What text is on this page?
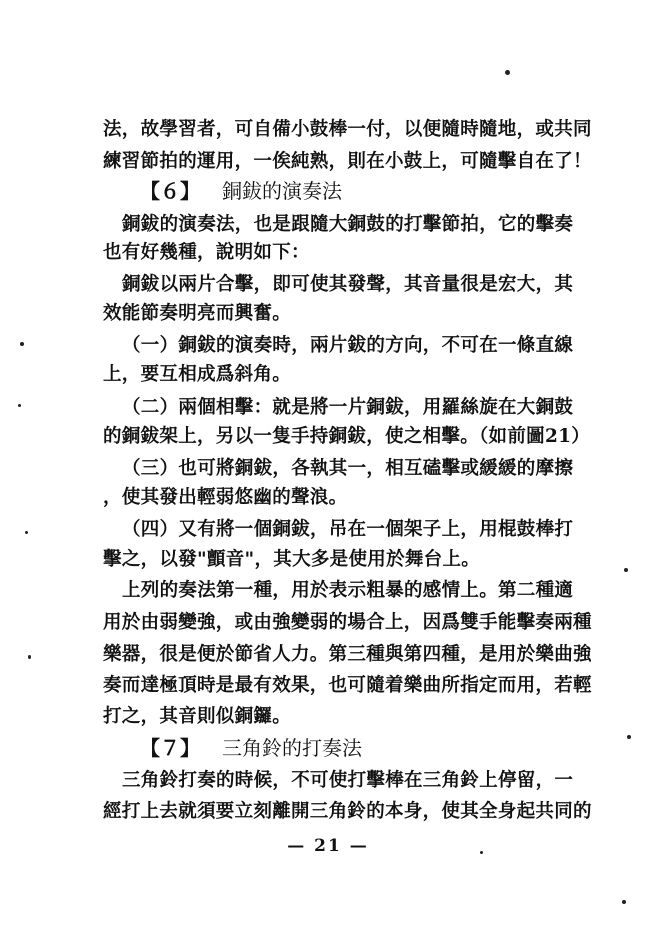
法，故學習者，可自備小鼓棒一付，以便隨時隨地，或共同
練習節拍的運用，一俟純熟，則在小鼓上，可隨擊自在了！
【６】 銅鈸的演奏法
銅鈸的演奏法，也是跟隨大銅鼓的打擊節拍，它的擊奏
也有好幾種，說明如下：
銅鈸以兩片合擊，即可使其發聲，其音量很是宏大，其
效能節奏明亮而興奮。
（一）銅鈸的演奏時，兩片鈸的方向，不可在一條直線
上，要互相成爲斜角。
（二）兩個相擊：就是將一片銅鈸，用羅絲旋在大銅鼓
的銅鈸架上，另以一隻手持銅鈸，使之相擊。（如前圖21）
（三）也可將銅鈸，各執其一，相互磕擊或緩緩的摩擦
，使其發出輕弱悠幽的聲浪。
（四）又有將一個銅鈸，吊在一個架子上，用棍鼓棒打
擊之，以發"顫音"，其大多是使用於舞台上。
上列的奏法第一種，用於表示粗暴的感情上。第二種適
用於由弱變強，或由強變弱的場合上，因爲雙手能擊奏兩種
樂器，很是便於節省人力。第三種與第四種，是用於樂曲強
奏而達極頂時是最有效果，也可隨着樂曲所指定而用，若輕
打之，其音則似銅鑼。
【７】 三角鈴的打奏法
三角鈴打奏的時候，不可使打擊棒在三角鈴上停留，一
經打上去就須要立刻離開三角鈴的本身，使其全身起共同的
— 21 —
